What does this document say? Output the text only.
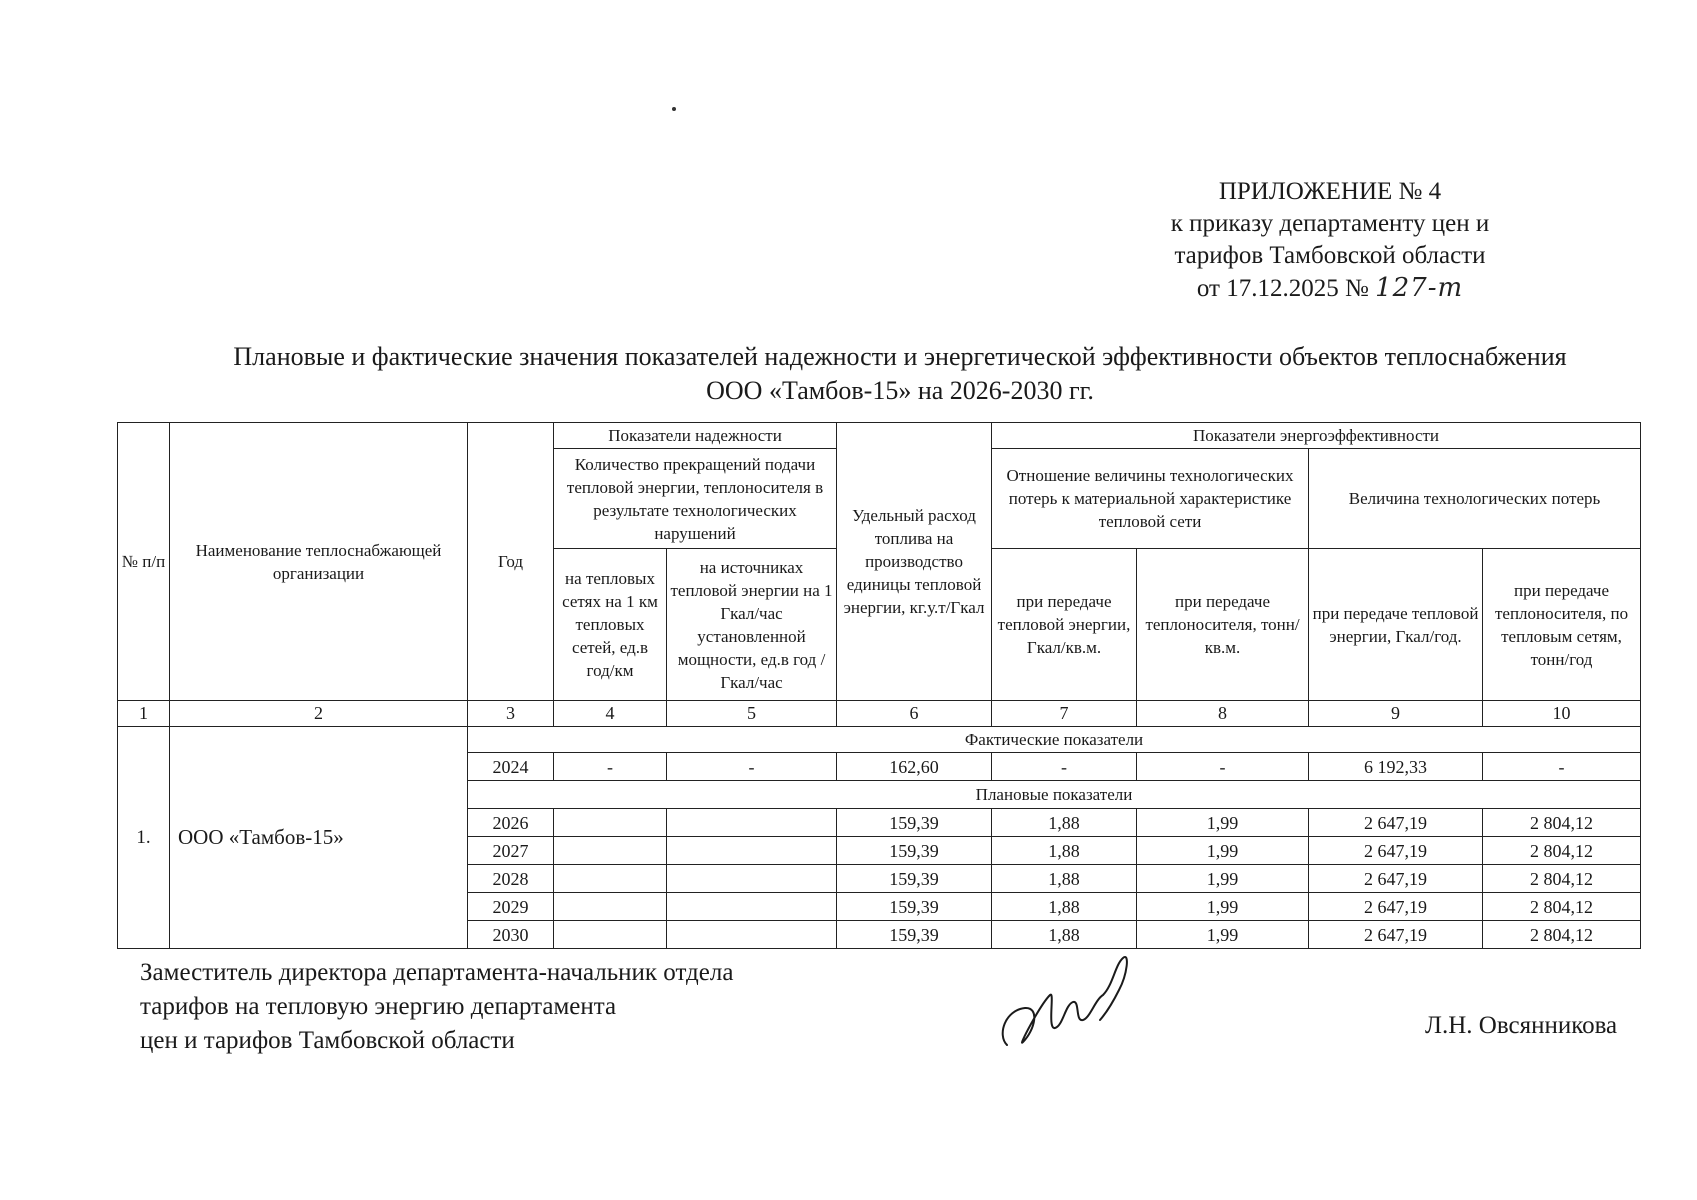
ПРИЛОЖЕНИЕ № 4
к приказу департаменту цен и
тарифов Тамбовской области
от 17.12.2025 № 127-т
Плановые и фактические значения показателей надежности и энергетической эффективности объектов теплоснабжения
ООО «Тамбов-15» на 2026-2030 гг.
№ п/п	Наименование теплоснабжающей организации	Год	Показатели надежности		Удельный расход топлива на производство единицы тепловой энергии, кг.у.т/Гкал	Показатели энергоэффективности			
			Количество прекращений подачи тепловой энергии, теплоносителя в результате технологических нарушений			Отношение величины технологических потерь к материальной характеристике тепловой сети		Величина технологических потерь	

			на тепловых сетях на 1 км тепловых сетей, ед.в год/км	на источниках тепловой энергии на 1 Гкал/час установленной мощности, ед.в год /Гкал/час		при передаче тепловой энергии, Гкал/кв.м.	при передаче теплоносителя, тонн/кв.м.	при передаче тепловой энергии, Гкал/год.	при передаче теплоносителя, по тепловым сетям, тонн/год
1	2	3	4	5	6	7	8	9	10
1.	ООО «Тамбов-15»	Фактические показатели							
		2024	-	-	162,60	-	-	6 192,33	-
		Плановые показатели							
		2026			159,39	1,88	1,99	2 647,19	2 804,12
		2027			159,39	1,88	1,99	2 647,19	2 804,12
		2028			159,39	1,88	1,99	2 647,19	2 804,12
		2029			159,39	1,88	1,99	2 647,19	2 804,12
		2030			159,39	1,88	1,99	2 647,19	2 804,12
Заместитель директора департамента-начальник отдела
тарифов на тепловую энергию департамента
цен и тарифов Тамбовской области
Л.Н. Овсянникова
